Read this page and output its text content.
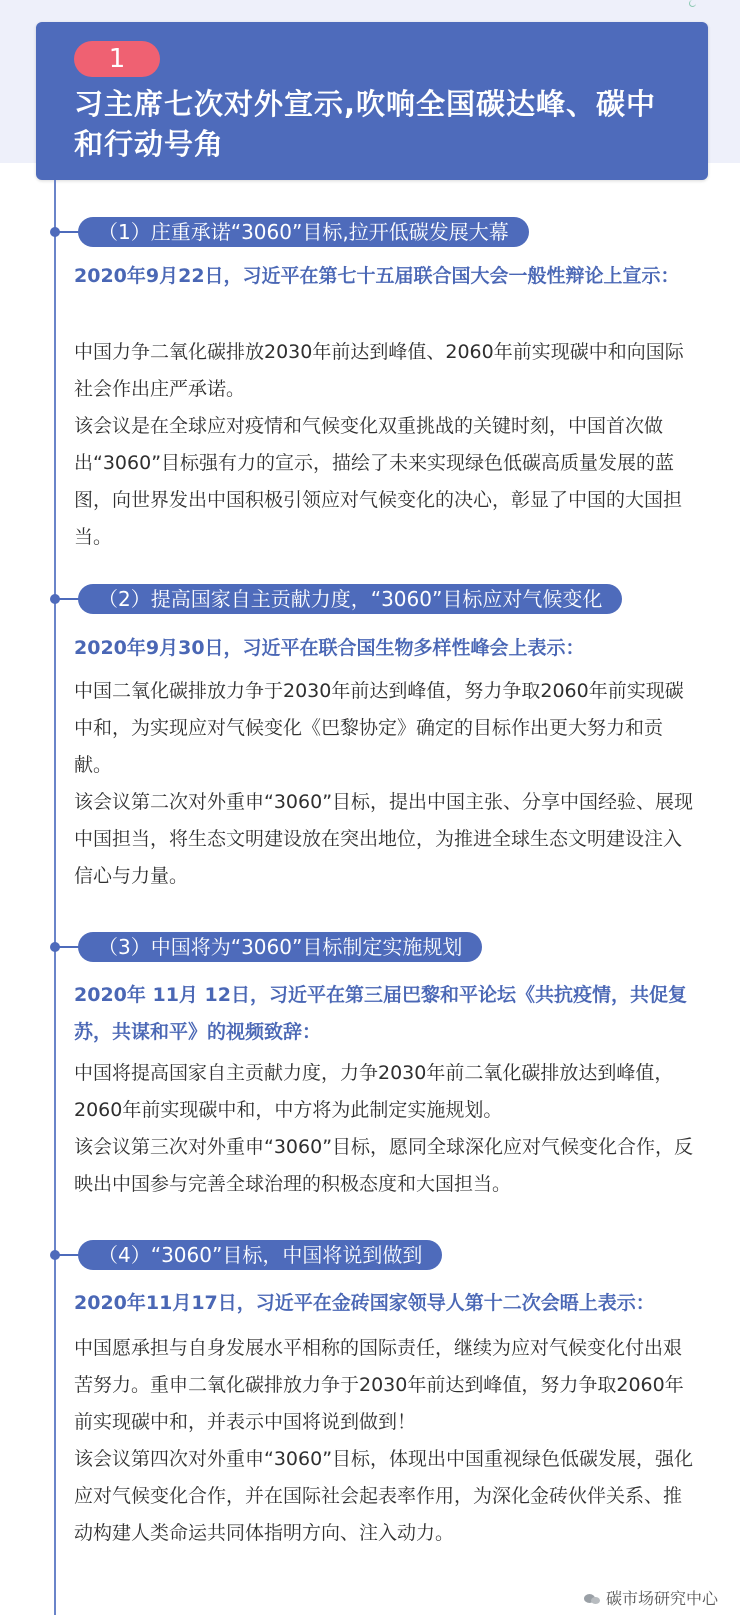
1
习主席七次对外宣示,吹响全国碳达峰、碳中和行动号角
（1）庄重承诺“3060”目标,拉开低碳发展大幕
2020年9月22日，习近平在第七十五届联合国大会一般性辩论上宣示：
中国力争二氧化碳排放2030年前达到峰值、2060年前实现碳中和向国际社会作出庄严承诺。
该会议是在全球应对疫情和气候变化双重挑战的关键时刻，中国首次做出“3060”目标强有力的宣示，描绘了未来实现绿色低碳高质量发展的蓝图，向世界发出中国积极引领应对气候变化的决心，彰显了中国的大国担当。
（2）提高国家自主贡献力度，“3060”目标应对气候变化
2020年9月30日，习近平在联合国生物多样性峰会上表示：
中国二氧化碳排放力争于2030年前达到峰值，努力争取2060年前实现碳中和，为实现应对气候变化《巴黎协定》确定的目标作出更大努力和贡献。
该会议第二次对外重申“3060”目标，提出中国主张、分享中国经验、展现中国担当，将生态文明建设放在突出地位，为推进全球生态文明建设注入信心与力量。
（3）中国将为“3060”目标制定实施规划
2020年 11月 12日，习近平在第三届巴黎和平论坛《共抗疫情，共促复苏，共谋和平》的视频致辞：
中国将提高国家自主贡献力度，力争2030年前二氧化碳排放达到峰值，2060年前实现碳中和，中方将为此制定实施规划。
该会议第三次对外重申“3060”目标，愿同全球深化应对气候变化合作，反映出中国参与完善全球治理的积极态度和大国担当。
（4）“3060”目标，中国将说到做到
2020年11月17日，习近平在金砖国家领导人第十二次会晤上表示：
中国愿承担与自身发展水平相称的国际责任，继续为应对气候变化付出艰苦努力。重申二氧化碳排放力争于2030年前达到峰值，努力争取2060年前实现碳中和，并表示中国将说到做到！
该会议第四次对外重申“3060”目标，体现出中国重视绿色低碳发展，强化应对气候变化合作，并在国际社会起表率作用，为深化金砖伙伴关系、推动构建人类命运共同体指明方向、注入动力。
碳市场研究中心
